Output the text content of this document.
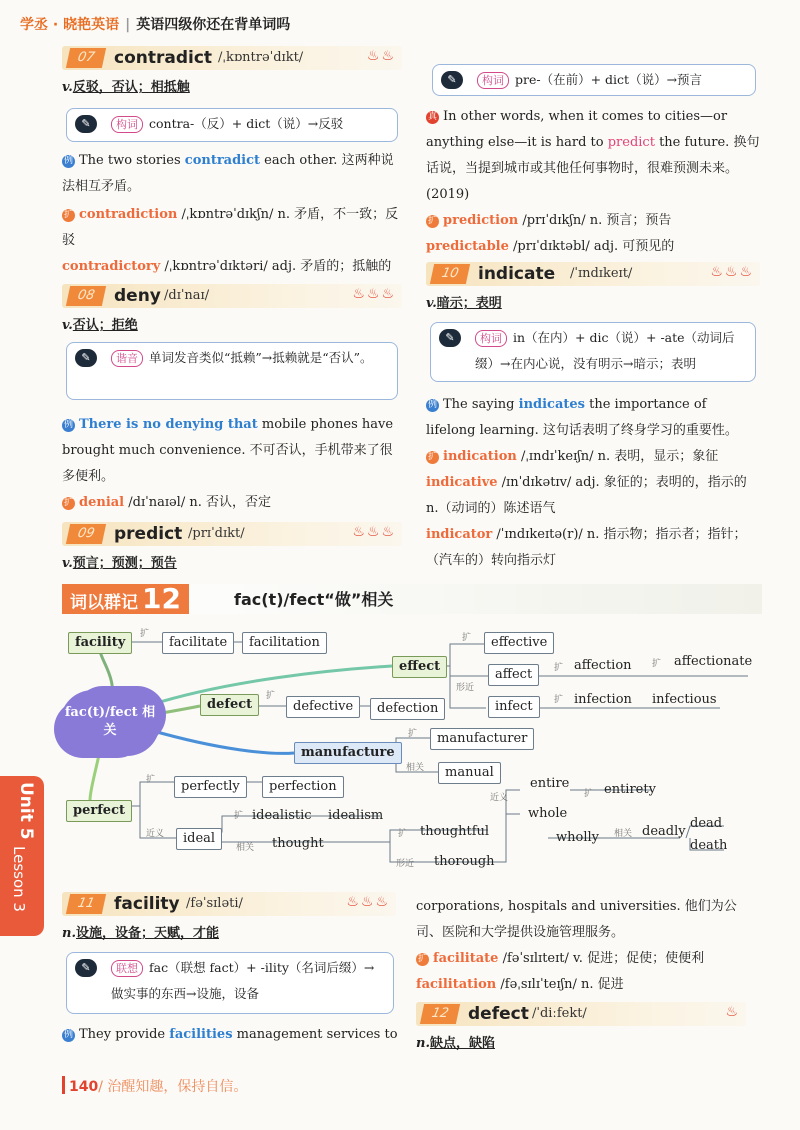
学丞 · 晓艳英语 | 英语四级你还在背单词吗
07	contradict /ˌkɒntrəˈdɪkt/	♨♨
v.反驳，否认；相抵触
✎	构词 contra-（反）+ dict（说）→反驳
例 The two stories contradict each other. 这两种说法相互矛盾。
扩 contradiction /ˌkɒntrəˈdɪkʃn/ n. 矛盾，不一致；反驳
contradictory /ˌkɒntrəˈdɪktəri/ adj. 矛盾的；抵触的
08	deny /dɪˈnaɪ/	♨♨♨
v.否认；拒绝
✎	谐音 单词发音类似“抵赖”→抵赖就是“否认”。
例 There is no denying that mobile phones have brought much convenience. 不可否认，手机带来了很多便利。
扩 denial /dɪˈnaɪəl/ n. 否认，否定
09	predict /prɪˈdɪkt/	♨♨♨
v.预言；预测；预告
✎	构词 pre-（在前）+ dict（说）→预言
真 In other words, when it comes to cities—or anything else—it is hard to predict the future. 换句话说，当提到城市或其他任何事物时，很难预测未来。(2019)
扩 prediction /prɪˈdɪkʃn/ n. 预言；预告
predictable /prɪˈdɪktəbl/ adj. 可预见的
10	indicate /ˈɪndɪkeɪt/	♨♨♨
v.暗示；表明
✎	构词 in（在内）+ dic（说）+ -ate（动词后缀）→在内心说，没有明示→暗示；表明
例 The saying indicates the importance of lifelong learning. 这句话表明了终身学习的重要性。
扩 indication /ˌɪndɪˈkeɪʃn/ n. 表明，显示；象征
indicative /ɪnˈdɪkətɪv/ adj. 象征的；表明的，指示的 n.（动词的）陈述语气
indicator /ˈɪndɪkeɪtə(r)/ n. 指示物；指示者；指针；（汽车的）转向指示灯
词以群记 12	fac(t)/fect“做”相关
fac(t)/fect 相关
facility
扩
facilitate	facilitation
effect
扩	effective
形近
affect	扩 affection 扩 affectionate
infect	扩 infection infectious
defect
扩
defective	defection
manufacture
扩	manufacturer
相关	manual
perfect
扩	perfectly	perfection
近义	ideal
扩 idealistic idealism
相关 thought
扩 thoughtful
形近 thorough
近义
entire
扩 entirety
whole
wholly 相关 deadly
dead
death
Unit 5
Lesson 3	11	facility /fəˈsɪləti/	♨♨♨
n.设施，设备；天赋，才能
✎	联想 fac（联想 fact）+ -ility（名词后缀）→做实事的东西→设施，设备
例 They provide facilities management services to
corporations, hospitals and universities. 他们为公司、医院和大学提供设施管理服务。
扩 facilitate /fəˈsɪlɪteɪt/ v. 促进；促使；使便利
facilitation /fəˌsɪlɪˈteɪʃn/ n. 促进
12	defect /ˈdiːfekt/	♨
n.缺点，缺陷
140/ 治醒知趣，保持自信。
